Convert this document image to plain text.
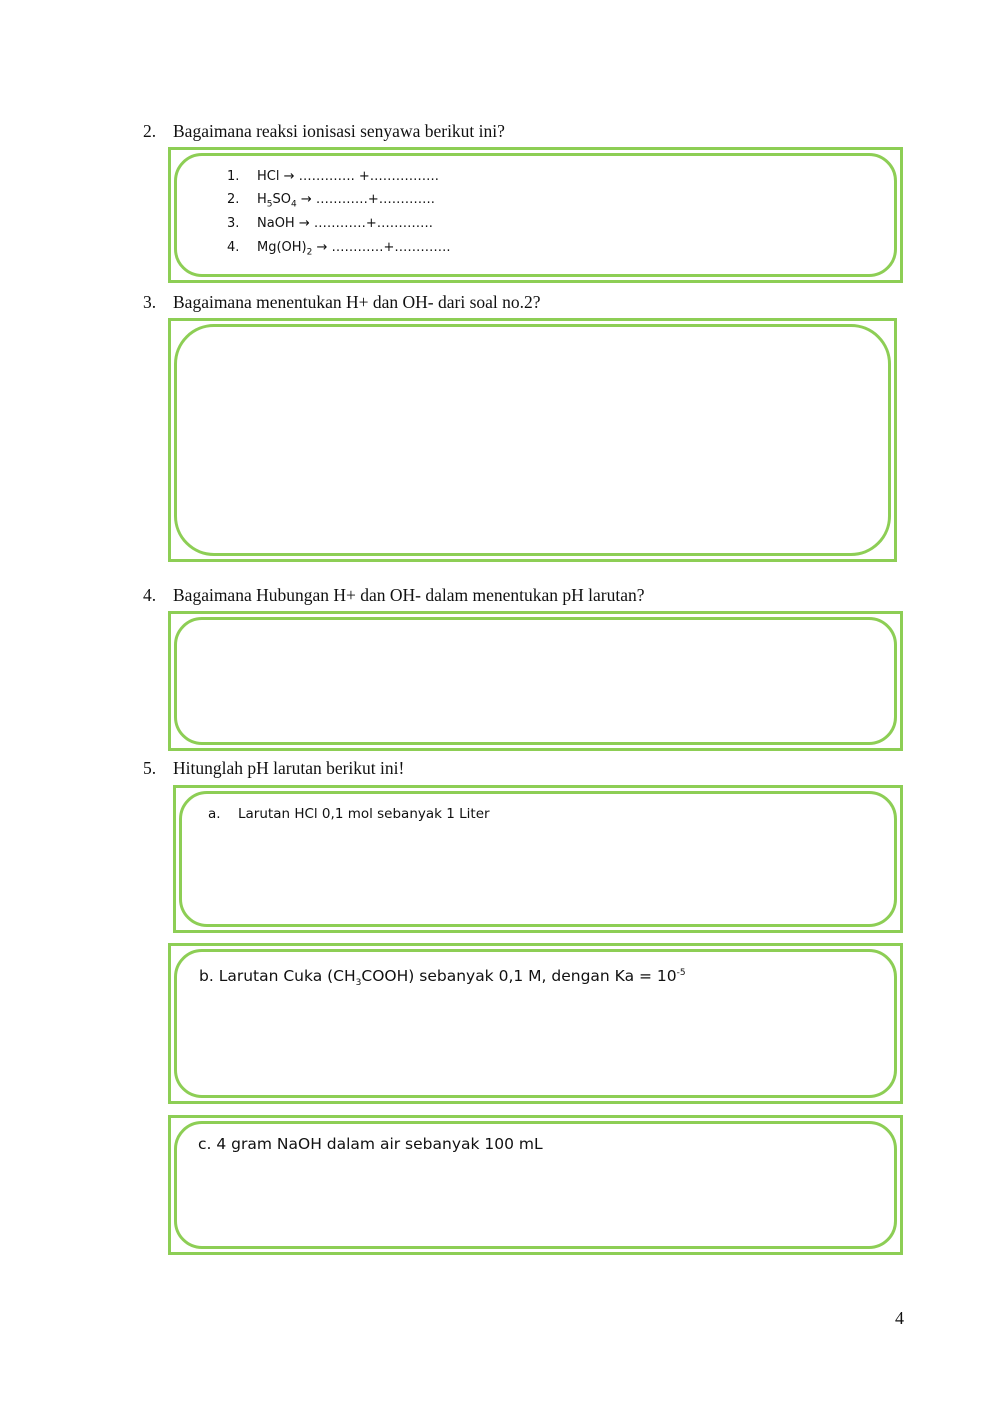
2. Bagaimana reaksi ionisasi senyawa berikut ini?
1. HCl → …………. +…………….
2. $H_5SO_4$ → …………+………….
3. NaOH → …………+………….
4. $Mg(OH)_2$ → …………+………….
3. Bagaimana menentukan H+ dan OH- dari soal no.2?
4. Bagaimana Hubungan H+ dan OH- dalam menentukan pH larutan?
5. Hitunglah pH larutan berikut ini!
a. Larutan HCl 0,1 mol sebanyak 1 Liter
b. Larutan Cuka $(CH_3COOH)$ sebanyak 0,1 M, dengan $Ka = 10^{-5}$
c. 4 gram NaOH dalam air sebanyak 100 mL
4
